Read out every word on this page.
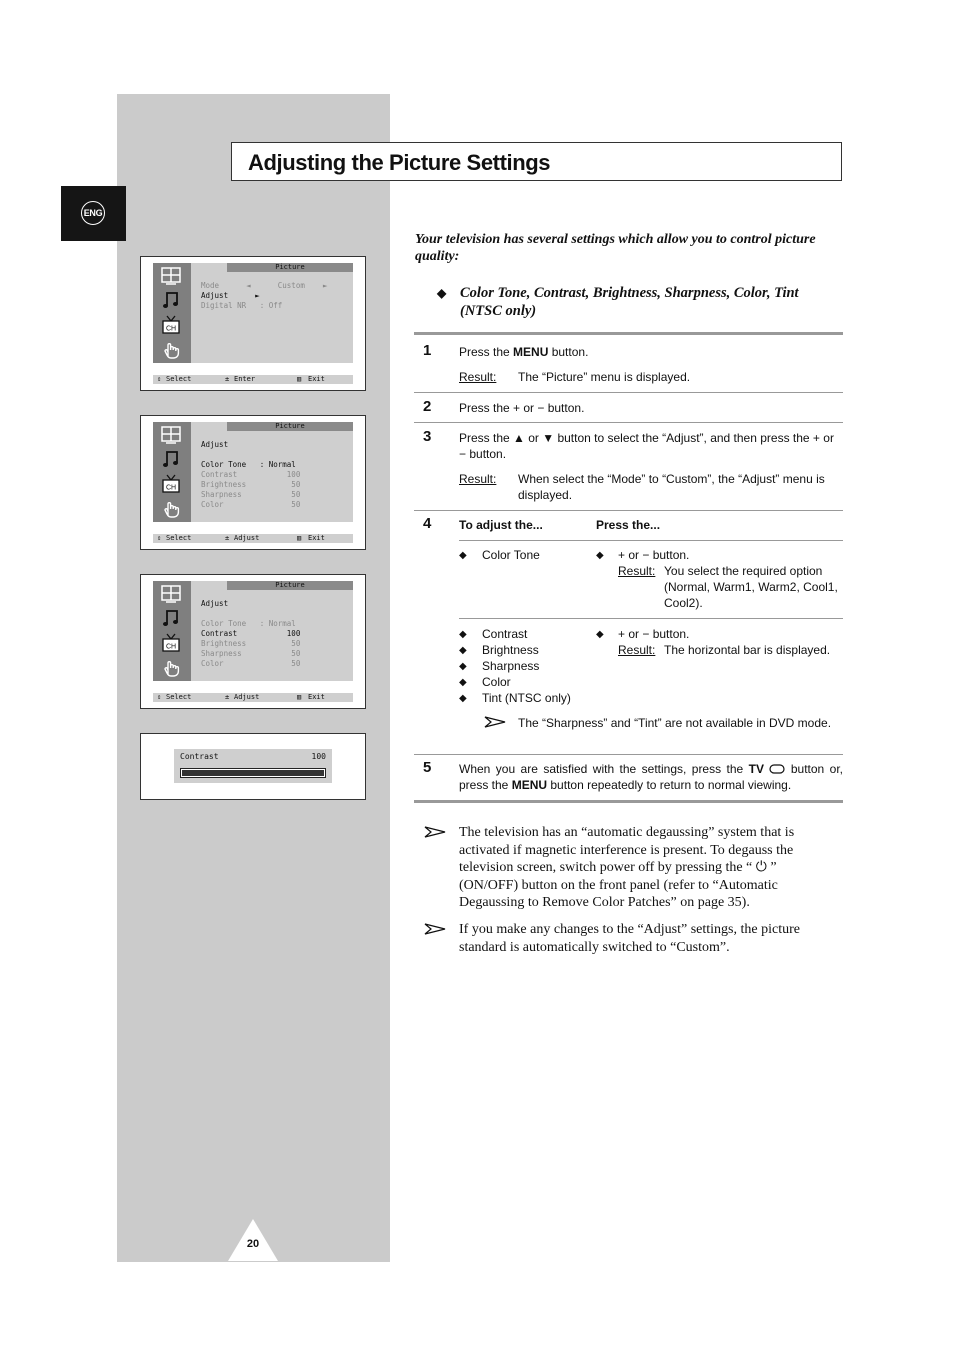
ENG
Adjusting the Picture Settings
CH
Picture
Mode      ◄      Custom    ►
Adjust      ►
Digital NR   : Off
⇕ Select	± Enter	▥ Exit
CH
Picture
Adjust
Color Tone   : Normal
Contrast           100
Brightness          50
Sharpness           50
Color               50
⇕ Select	± Adjust	▥ Exit
CH
Picture
Adjust
Color Tone   : Normal
Contrast           100
Brightness          50
Sharpness           50
Color               50
⇕ Select	± Adjust	▥ Exit
Contrast	100
20
Your television has several settings which allow you to control picture quality:
◆ Color Tone, Contrast, Brightness, Sharpness, Color, Tint (NTSC only)
1 Press the MENU button.
Result: The “Picture” menu is displayed.
2 Press the + or − button.
3 Press the ▲ or ▼ button to select the “Adjust”, and then press the + or − button.
Result: When select the “Mode” to “Custom”, the “Adjust” menu is displayed.
4 To adjust the...	Press the...
◆ Color Tone	◆ + or − button.
Result: You select the required option (Normal, Warm1, Warm2, Cool1, Cool2).
◆ Contrast
◆ Brightness
◆ Sharpness
◆ Color
◆ Tint (NTSC only)
◆ + or − button.
Result: The horizontal bar is displayed.
The “Sharpness” and “Tint” are not available in DVD mode.
5 When you are satisfied with the settings, press the TV  button or, press the MENU button repeatedly to return to normal viewing.
The television has an “automatic degaussing” system that is activated if magnetic interference is present. To degauss the television screen, switch power off by pressing the “ ⏻ ” (ON/OFF) button on the front panel (refer to “Automatic Degaussing to Remove Color Patches” on page 35).
If you make any changes to the “Adjust” settings, the picture standard is automatically switched to “Custom”.
